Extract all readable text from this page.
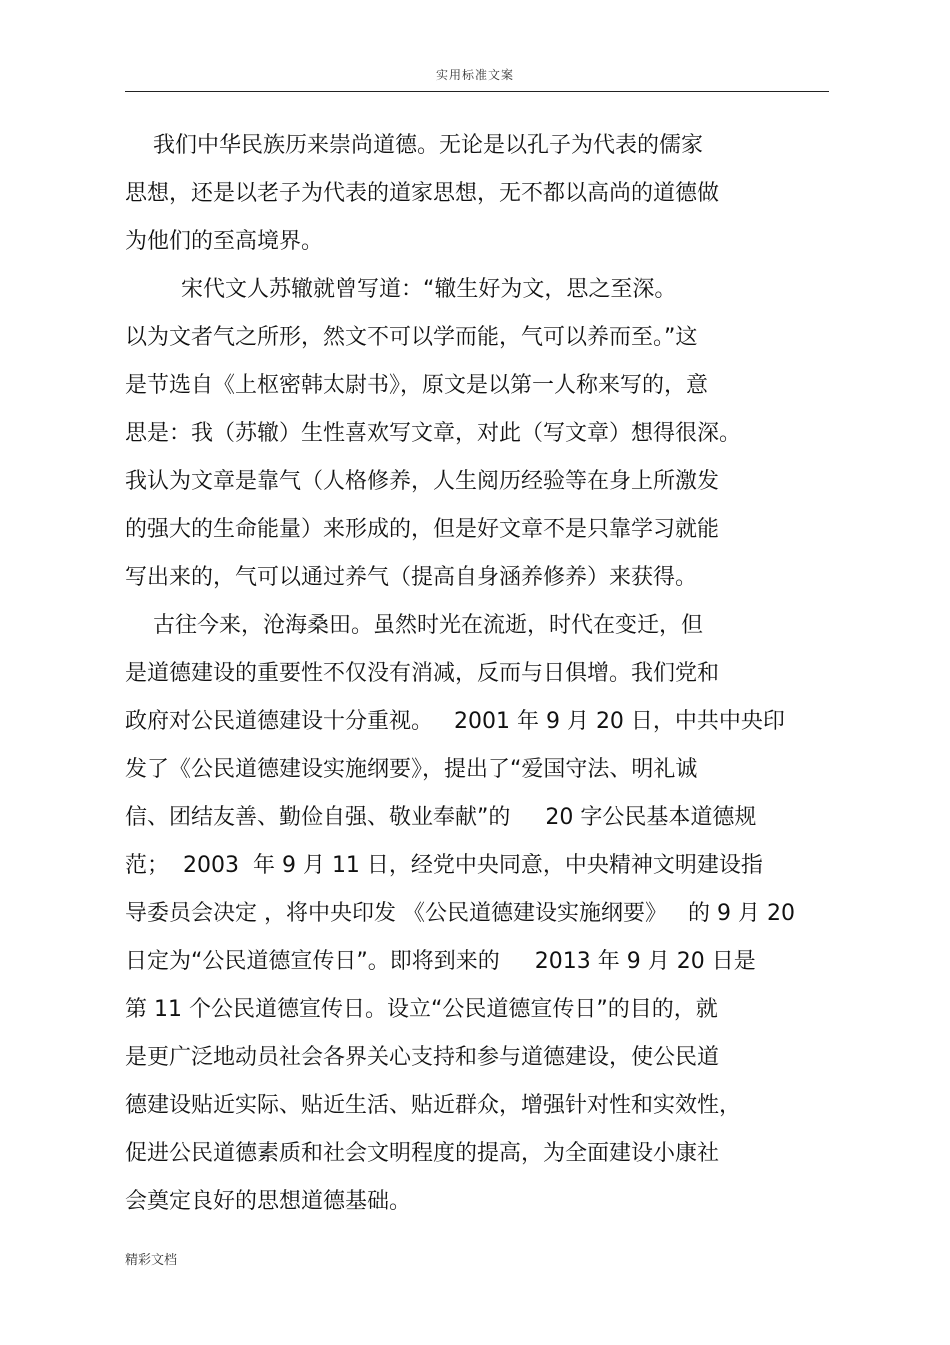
实用标准文案
我们中华民族历来崇尚道德。无论是以孔子为代表的儒家
思想，还是以老子为代表的道家思想，无不都以高尚的道德做
为他们的至高境界。
宋代文人苏辙就曾写道：“辙生好为文，思之至深。
以为文者气之所形，然文不可以学而能，气可以养而至。”这
是节选自《上枢密韩太尉书》，原文是以第一人称来写的，意
思是：我（苏辙）生性喜欢写文章，对此（写文章）想得很深。
我认为文章是靠气（人格修养，人生阅历经验等在身上所激发
的强大的生命能量）来形成的，但是好文章不是只靠学习就能
写出来的，气可以通过养气（提高自身涵养修养）来获得。
古往今来，沧海桑田。虽然时光在流逝，时代在变迁，但
是道德建设的重要性不仅没有消减，反而与日俱增。我们党和
政府对公民道德建设十分重视。   2001 年 9 月 20 日，中共中央印
发了《公民道德建设实施纲要》，提出了“爱国守法、明礼诚
信、团结友善、勤俭自强、敬业奉献”的     20 字公民基本道德规
范；  2003  年 9 月 11 日，经党中央同意，中央精神文明建设指
导委员会决定 ，将中央印发 《公民道德建设实施纲要》   的 9 月 20
日定为“公民道德宣传日”。即将到来的     2013 年 9 月 20 日是
第 11 个公民道德宣传日。设立“公民道德宣传日”的目的，就
是更广泛地动员社会各界关心支持和参与道德建设，使公民道
德建设贴近实际、贴近生活、贴近群众，增强针对性和实效性，
促进公民道德素质和社会文明程度的提高，为全面建设小康社
会奠定良好的思想道德基础。
精彩文档
